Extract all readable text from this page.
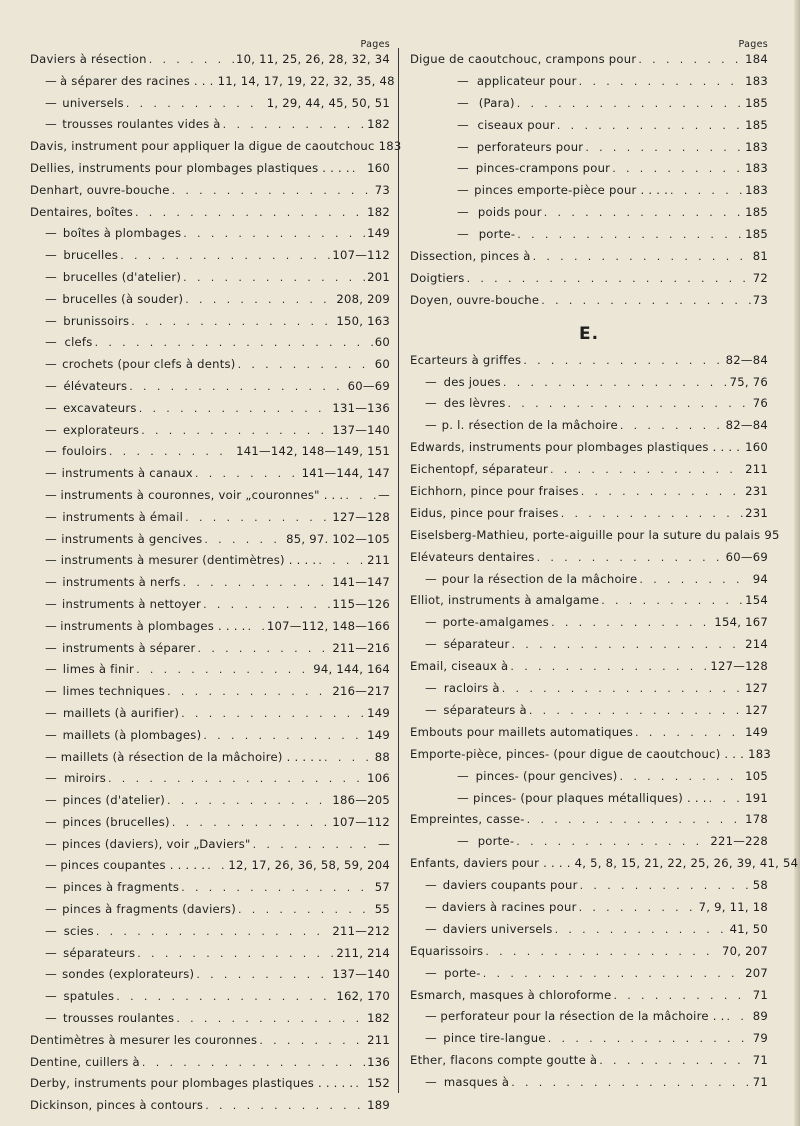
Pages
Daviers à résection . . .	10, 11, 25, 26, 28, 32, 34
— à séparer des racines . . . 11, 14, 17, 19, 22, 32, 35, 48
— universels . . .	1, 29, 44, 45, 50, 51
— trousses roulantes vides à . . .	182
Davis, instrument pour appliquer la digue de caoutchouc 183
Dellies, instruments pour plombages plastiques . . . . . . . 160
Denhart, ouvre-bouche . . .	73
Dentaires, boîtes . . .	182
— boîtes à plombages . . .	149
— brucelles . . .	107—112
— brucelles (d'atelier) . . .	201
— brucelles (à souder) . . .	208, 209
— brunissoirs . . .	150, 163
— clefs . . .	60
— crochets (pour clefs à dents) . . .	60
— élévateurs . . .	60—69
— excavateurs . . .	131—136
— explorateurs . . .	137—140
— fouloirs . . .	141—142, 148—149, 151
— instruments à canaux . . .	141—144, 147
— instruments à couronnes, voir „couronnes" . . . . . .	—
— instruments à émail . . .	127—128
— instruments à gencives . . .	85, 97. 102—105
— instruments à mesurer (dentimètres) . . . . . . .	211
— instruments à nerfs . . .	141—147
— instruments à nettoyer . . .	115—126
— instruments à plombages . . . . . . . 107—112, 148—166
— instruments à séparer . . .	211—216
— limes à finir . . .	94, 144, 164
— limes techniques . . .	216—217
— maillets (à aurifier) . . .	149
— maillets (à plombages) . . .	149
— maillets (à résection de la mâchoire) . . . . . . . .	88
— miroirs . . .	106
— pinces (d'atelier) . . .	186—205
— pinces (brucelles) . . .	107—112
— pinces (daviers), voir „Daviers" . . .	—
— pinces coupantes . . . . . . . . 12, 17, 26, 36, 58, 59, 204
— pinces à fragments . . .	57
— pinces à fragments (daviers) . . .	55
— scies . . .	211—212
— séparateurs . . .	211, 214
— sondes (explorateurs) . . .	137—140
— spatules . . .	162, 170
— trousses roulantes . . .	182
Dentimètres à mesurer les couronnes . . .	211
Dentine, cuillers à . . .	136
Derby, instruments pour plombages plastiques . . . . . . . . 152
Dickinson, pinces à contours . . .	189
Pages
Digue de caoutchouc, crampons pour . . .	184
— applicateur pour . . .	183
— (Para) . . .	185
— ciseaux pour . . .	185
— perforateurs pour . . .	183
— pinces-crampons pour . . .	183
— pinces emporte-pièce pour . . . . . . .	183
— poids pour . . .	185
— porte- . . .	185
Dissection, pinces à . . .	81
Doigtiers . . .	72
Doyen, ouvre-bouche . . .	73
E.
Ecarteurs à griffes . . .	82—84
— des joues . . .	75, 76
— des lèvres . . .	76
— p. l. résection de la mâchoire . . .	82—84
Edwards, instruments pour plombages plastiques . . . . . . . 160
Eichentopf, séparateur . . .	211
Eichhorn, pince pour fraises . . .	231
Eidus, pince pour fraises . . .	231
Eiselsberg-Mathieu, porte-aiguille pour la suture du palais 95
Elévateurs dentaires . . .	60—69
— pour la résection de la mâchoire . . .	94
Elliot, instruments à amalgame . . .	154
— porte-amalgames . . .	154, 167
— séparateur . . .	214
Email, ciseaux à . . .	127—128
— racloirs à . . .	127
— séparateurs à . . .	127
Embouts pour maillets automatiques . . .	149
Emporte-pièce, pinces- (pour digue de caoutchouc) . . . 183
— pinces- (pour gencives) . . .	105
— pinces- (pour plaques métalliques) . . . . . .	191
Empreintes, casse- . . .	178
— porte- . . .	221—228
Enfants, daviers pour . . . . 4, 5, 8, 15, 21, 22, 25, 26, 39, 41, 54
— daviers coupants pour . . .	58
— daviers à racines pour . . .	7, 9, 11, 18
— daviers universels . . .	41, 50
Equarissoirs . . .	70, 207
— porte- . . .	207
Esmarch, masques à chloroforme . . .	71
— perforateur pour la résection de la mâchoire . . . . . 89
— pince tire-langue . . .	79
Ether, flacons compte goutte à . . .	71
— masques à . . .	71
